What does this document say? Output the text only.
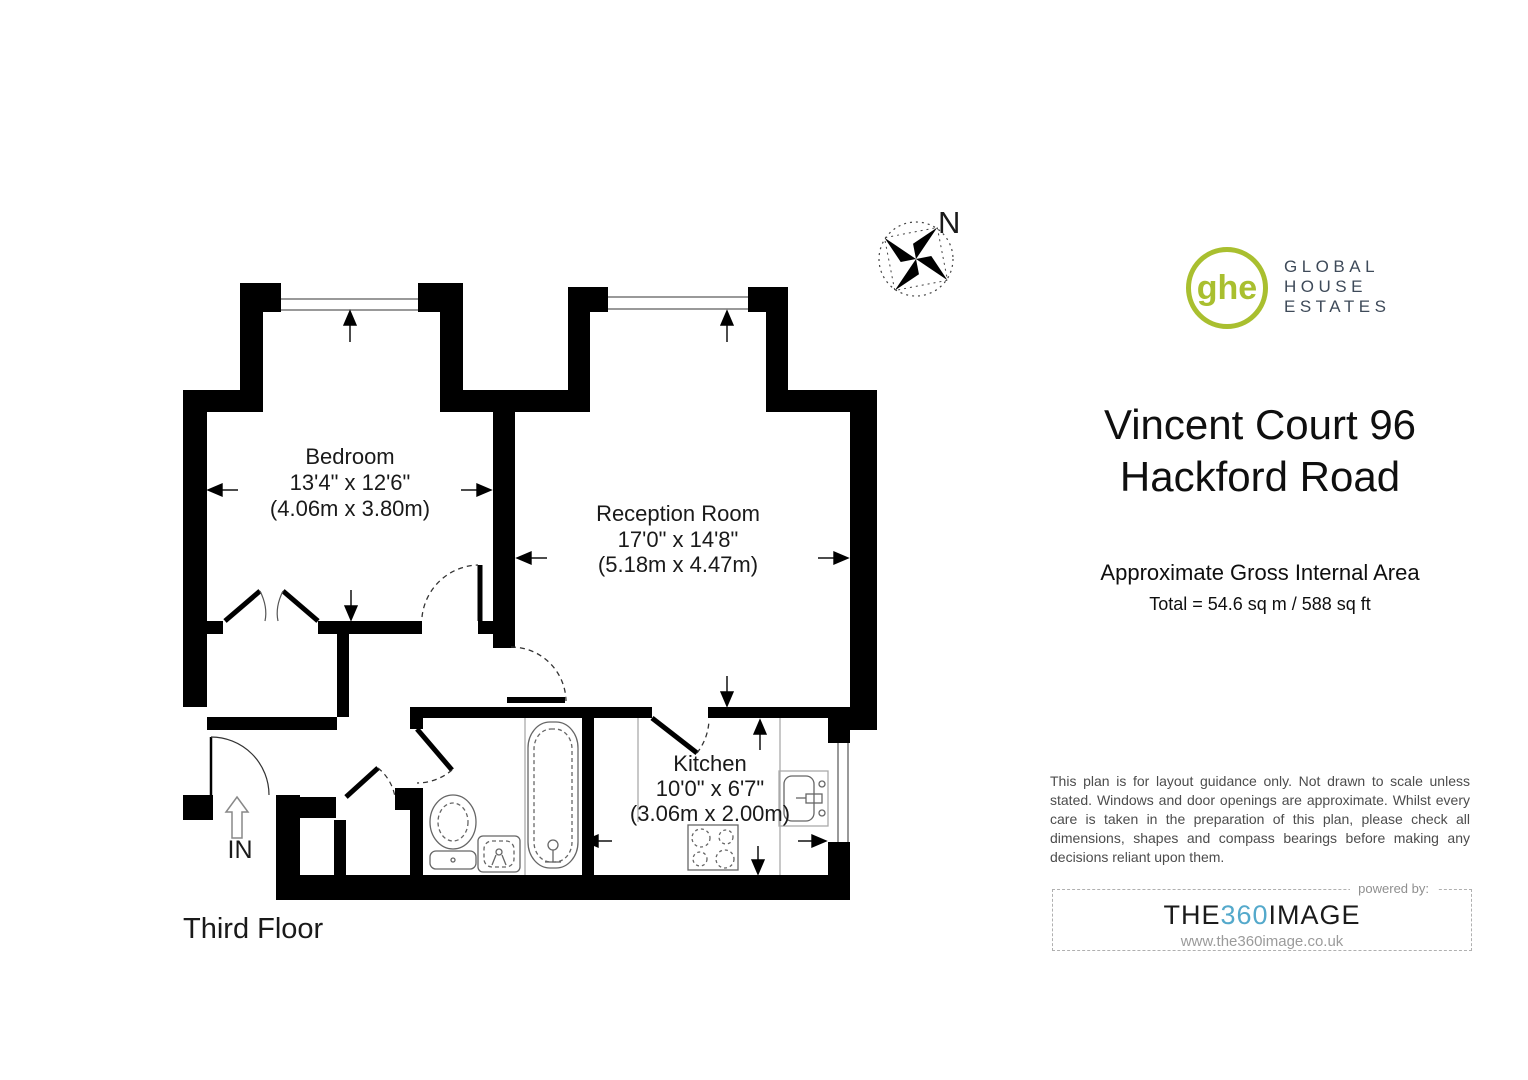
N
Bedroom
13'4" x 12'6"
(4.06m x 3.80m)	Reception Room
17'0" x 14'8"
(5.18m x 4.47m)
Kitchen
10'0" x 6'7"
(3.06m x 2.00m)
IN
Third Floor
ghe
GLOBAL
HOUSE
ESTATES
Vincent Court 96
Hackford Road
Approximate Gross Internal Area
Total = 54.6 sq m / 588 sq ft
This plan is for layout guidance only. Not drawn to scale unless stated. Windows and door openings are approximate. Whilst every care is taken in the preparation of this plan, please check all dimensions, shapes and compass bearings before making any decisions reliant upon them.
powered by:
THE360IMAGE
www.the360image.co.uk
